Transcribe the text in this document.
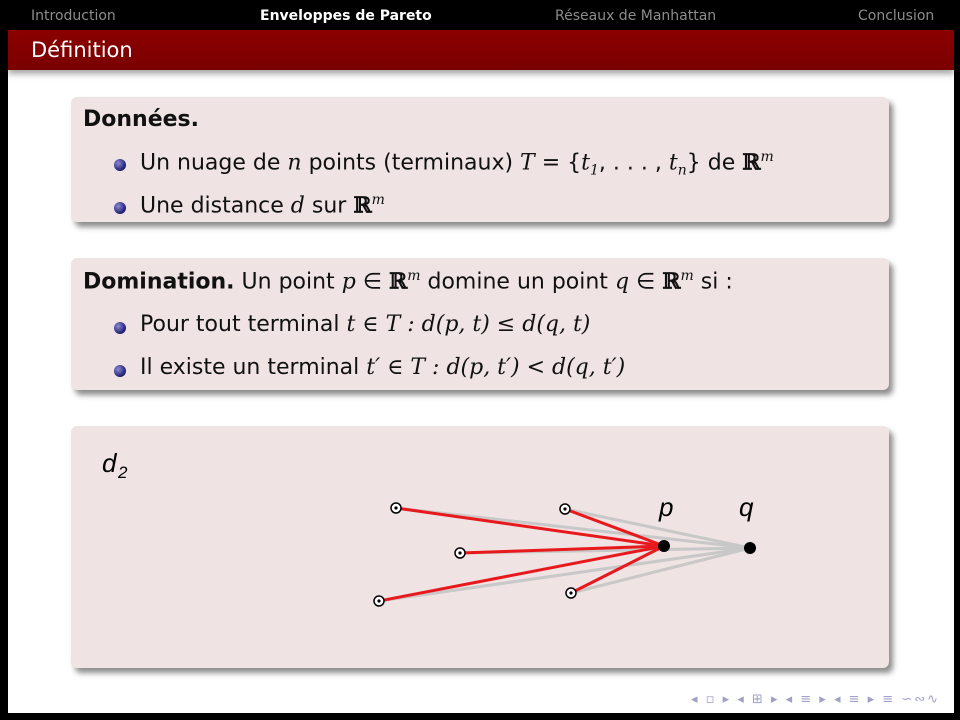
Introduction	Enveloppes de Pareto	Réseaux de Manhattan	Conclusion
Définition
Données.
Un nuage de n points (terminaux) $T = \{t_1$, . . . , $t_n$} de ℝ$^m$
Une distance d sur ℝ$^m$
Domination. Un point p ∈ ℝ$^m$ domine un point q ∈ ℝ$^m$ si :
Pour tout terminal t ∈ T : d(p, t) ≤ d(q, t)
Il existe un terminal t′ ∈ T : d(p, t′) < d(q, t′)
d 2
p	q
◂ ▫ ▸ ◂ ⊞ ▸ ◂ ≡ ▸ ◂ ≡ ▸ ≡ ∽∾∿
